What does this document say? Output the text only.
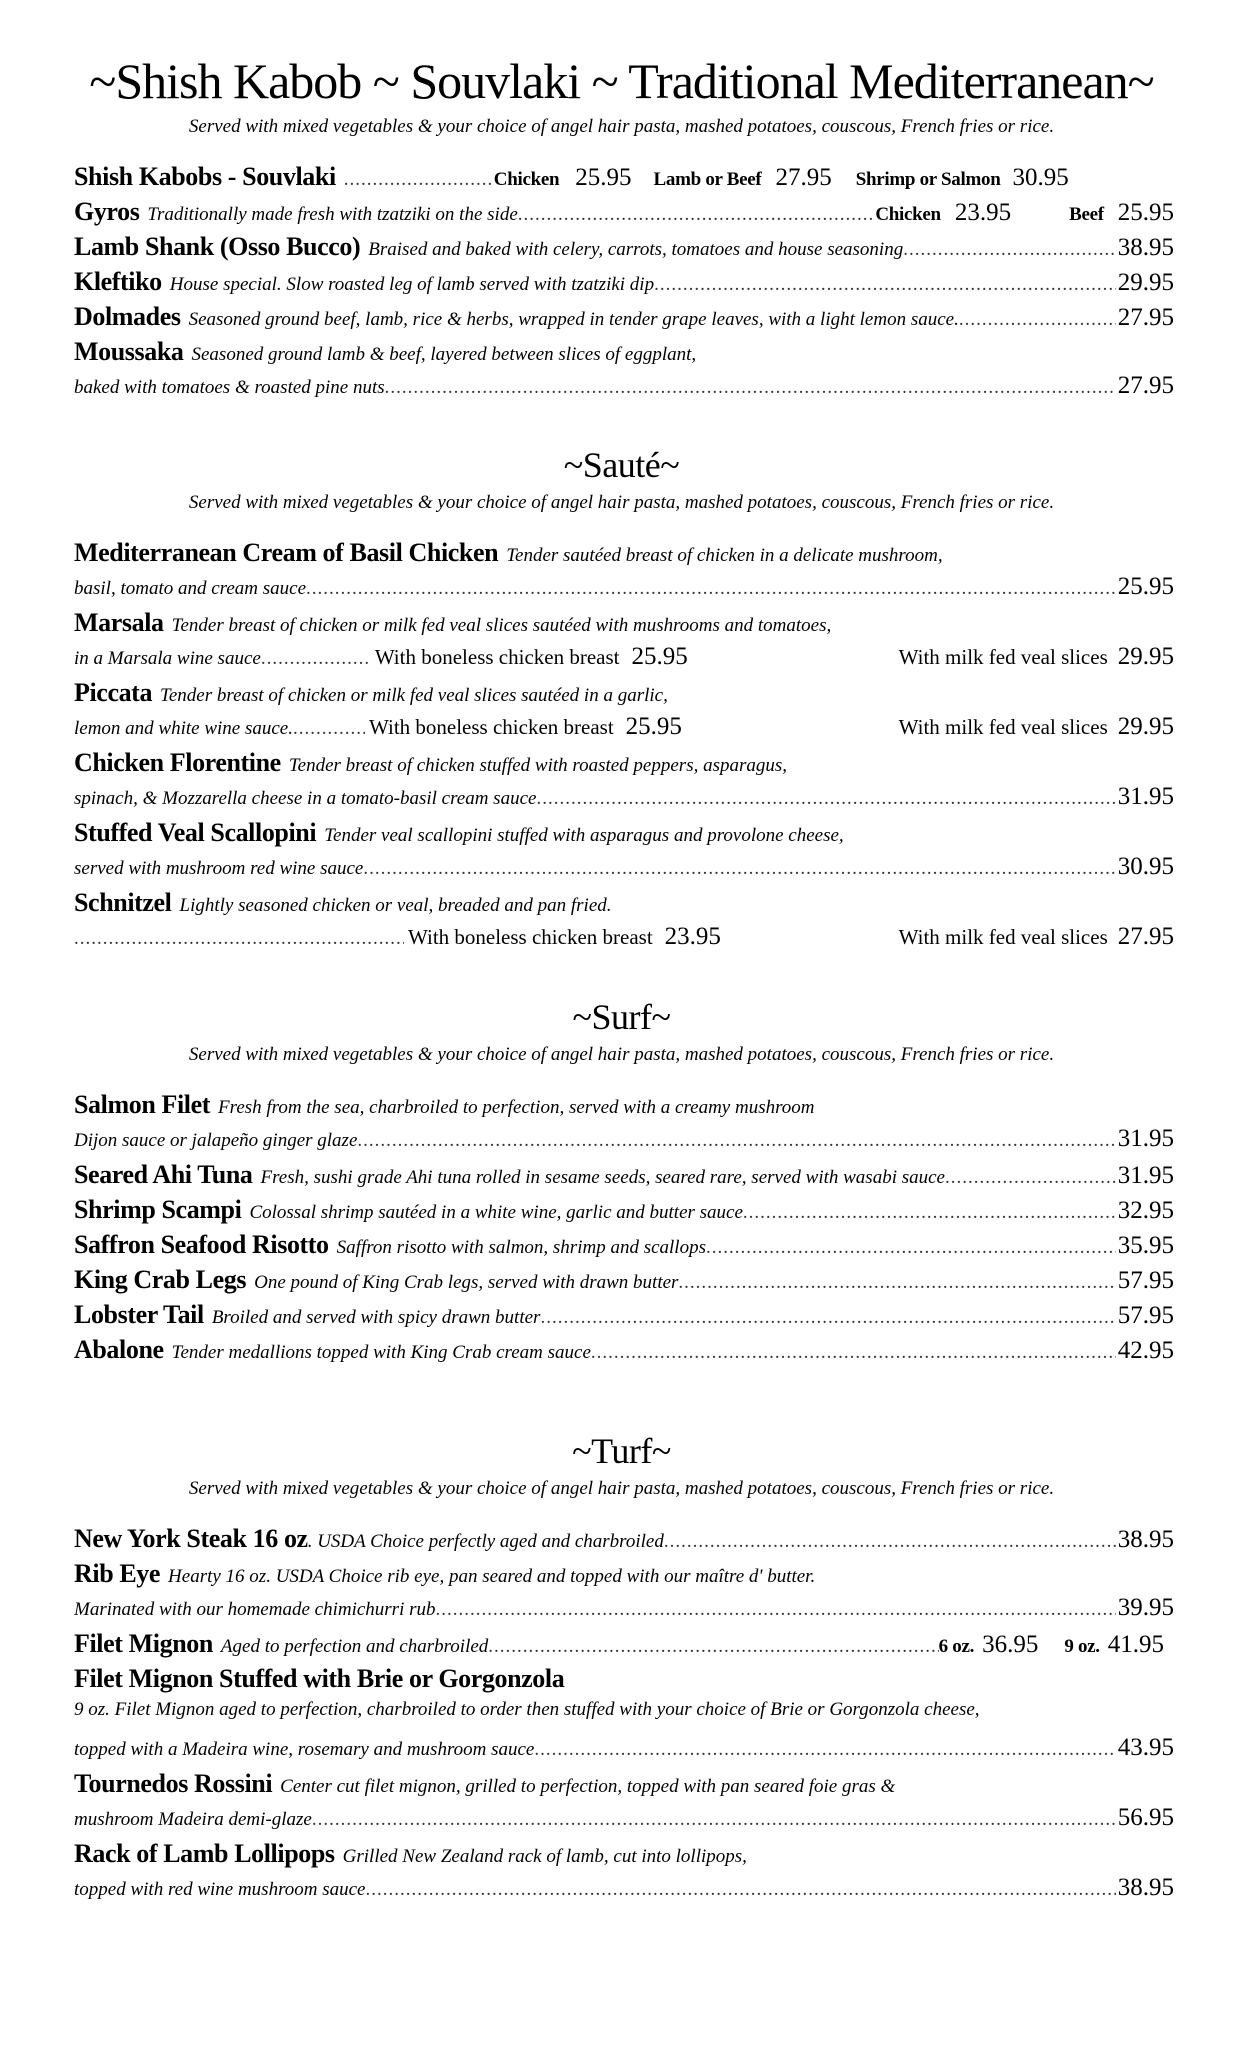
~Shish Kabob ~ Souvlaki ~ Traditional Mediterranean~
Served with mixed vegetables & your choice of angel hair pasta, mashed potatoes, couscous, French fries or rice.
Shish Kabobs - Souvlaki .....	Chicken 25.95 Lamb or Beef 27.95 Shrimp or Salmon 30.95
Gyros Traditionally made fresh with tzatziki on the side .....	Chicken 23.95	Beef 25.95
Lamb Shank (Osso Bucco) Braised and baked with celery, carrots, tomatoes and house seasoning .....	38.95
Kleftiko House special. Slow roasted leg of lamb served with tzatziki dip .....	29.95
Dolmades Seasoned ground beef, lamb, rice & herbs, wrapped in tender grape leaves, with a light lemon sauce. .....	27.95
Moussaka Seasoned ground lamb & beef, layered between slices of eggplant,
baked with tomatoes & roasted pine nuts .....	27.95
~Sauté~
Served with mixed vegetables & your choice of angel hair pasta, mashed potatoes, couscous, French fries or rice.
Mediterranean Cream of Basil Chicken Tender sautéed breast of chicken in a delicate mushroom,
basil, tomato and cream sauce .....	25.95
Marsala Tender breast of chicken or milk fed veal slices sautéed with mushrooms and tomatoes,
in a Marsala wine sauce .....	With boneless chicken breast 25.95	With milk fed veal slices 29.95
Piccata Tender breast of chicken or milk fed veal slices sautéed in a garlic,
lemon and white wine sauce. .....	With boneless chicken breast 25.95	With milk fed veal slices 29.95
Chicken Florentine Tender breast of chicken stuffed with roasted peppers, asparagus,
spinach, & Mozzarella cheese in a tomato-basil cream sauce .....	31.95
Stuffed Veal Scallopini Tender veal scallopini stuffed with asparagus and provolone cheese,
served with mushroom red wine sauce .....	30.95
Schnitzel Lightly seasoned chicken or veal, breaded and pan fried.
.....
With boneless chicken breast 23.95	With milk fed veal slices 27.95
~Surf~
Served with mixed vegetables & your choice of angel hair pasta, mashed potatoes, couscous, French fries or rice.
Salmon Filet Fresh from the sea, charbroiled to perfection, served with a creamy mushroom
Dijon sauce or jalapeño ginger glaze .....	31.95
Seared Ahi Tuna Fresh, sushi grade Ahi tuna rolled in sesame seeds, seared rare, served with wasabi sauce .....	31.95
Shrimp Scampi Colossal shrimp sautéed in a white wine, garlic and butter sauce .....	32.95
Saffron Seafood Risotto Saffron risotto with salmon, shrimp and scallops .....	35.95
King Crab Legs One pound of King Crab legs, served with drawn butter .....	57.95
Lobster Tail Broiled and served with spicy drawn butter .....	57.95
Abalone Tender medallions topped with King Crab cream sauce .....	42.95
~Turf~
Served with mixed vegetables & your choice of angel hair pasta, mashed potatoes, couscous, French fries or rice.
New York Steak 16 oz . USDA Choice perfectly aged and charbroiled .....	38.95
Rib Eye Hearty 16 oz. USDA Choice rib eye, pan seared and topped with our maître d' butter.
Marinated with our homemade chimichurri rub .....	39.95
Filet Mignon Aged to perfection and charbroiled .....	6 oz. 36.95 9 oz. 41.95
Filet Mignon Stuffed with Brie or Gorgonzola
9 oz. Filet Mignon aged to perfection, charbroiled to order then stuffed with your choice of Brie or Gorgonzola cheese,
topped with a Madeira wine, rosemary and mushroom sauce .....	43.95
Tournedos Rossini Center cut filet mignon, grilled to perfection, topped with pan seared foie gras &
mushroom Madeira demi-glaze .....	56.95
Rack of Lamb Lollipops Grilled New Zealand rack of lamb, cut into lollipops,
topped with red wine mushroom sauce .....	38.95
